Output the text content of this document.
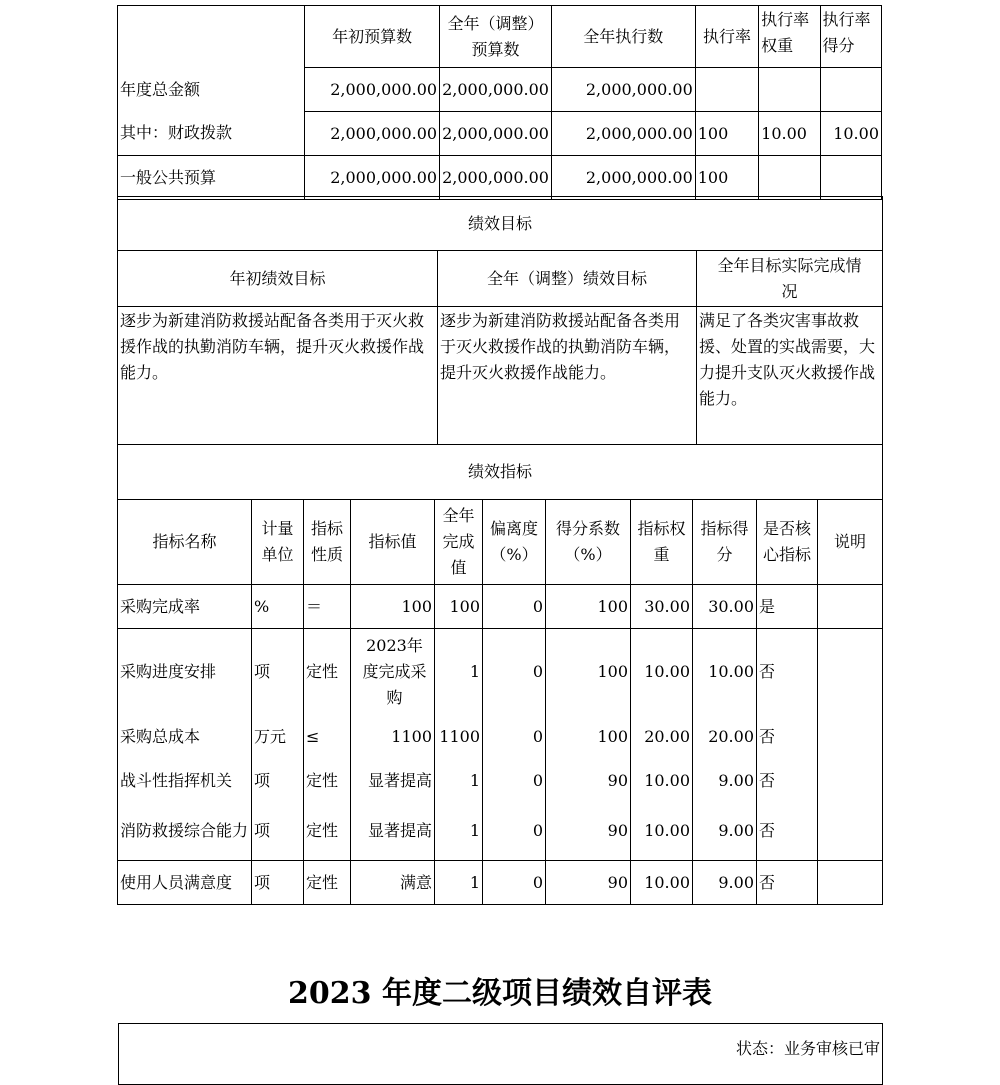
	年初预算数	全年（调整）预算数	全年执行数	执行率	执行率权重	执行率得分
年度总金额	2,000,000.00	2,000,000.00	2,000,000.00			
其中：财政拨款	2,000,000.00	2,000,000.00	2,000,000.00	100	10.00	10.00
一般公共预算	2,000,000.00	2,000,000.00	2,000,000.00	100		
绩效目标		
年初绩效目标	全年（调整）绩效目标	全年目标实际完成情况
逐步为新建消防救援站配备各类用于灭火救援作战的执勤消防车辆，提升灭火救援作战能力。	逐步为新建消防救援站配备各类用于灭火救援作战的执勤消防车辆，提升灭火救援作战能力。	满足了各类灾害事故救援、处置的实战需要，大力提升支队灭火救援作战能力。
绩效指标										
指标名称	计量单位	指标性质	指标值	全年完成值	偏离度（%）	得分系数（%）	指标权重	指标得分	是否核心指标	说明
采购完成率	%	＝	100	100	0	100	30.00	30.00	是	
采购进度安排	项	定性	2023年度完成采购	1	0	100	10.00	10.00	否	
采购总成本	万元	≤	1100	1100	0	100	20.00	20.00	否	
战斗性指挥机关	项	定性	显著提高	1	0	90	10.00	9.00	否	
消防救援综合能力	项	定性	显著提高	1	0	90	10.00	9.00	否	
使用人员满意度	项	定性	满意	1	0	90	10.00	9.00	否	
2023 年度二级项目绩效自评表
状态：业务审核已审
